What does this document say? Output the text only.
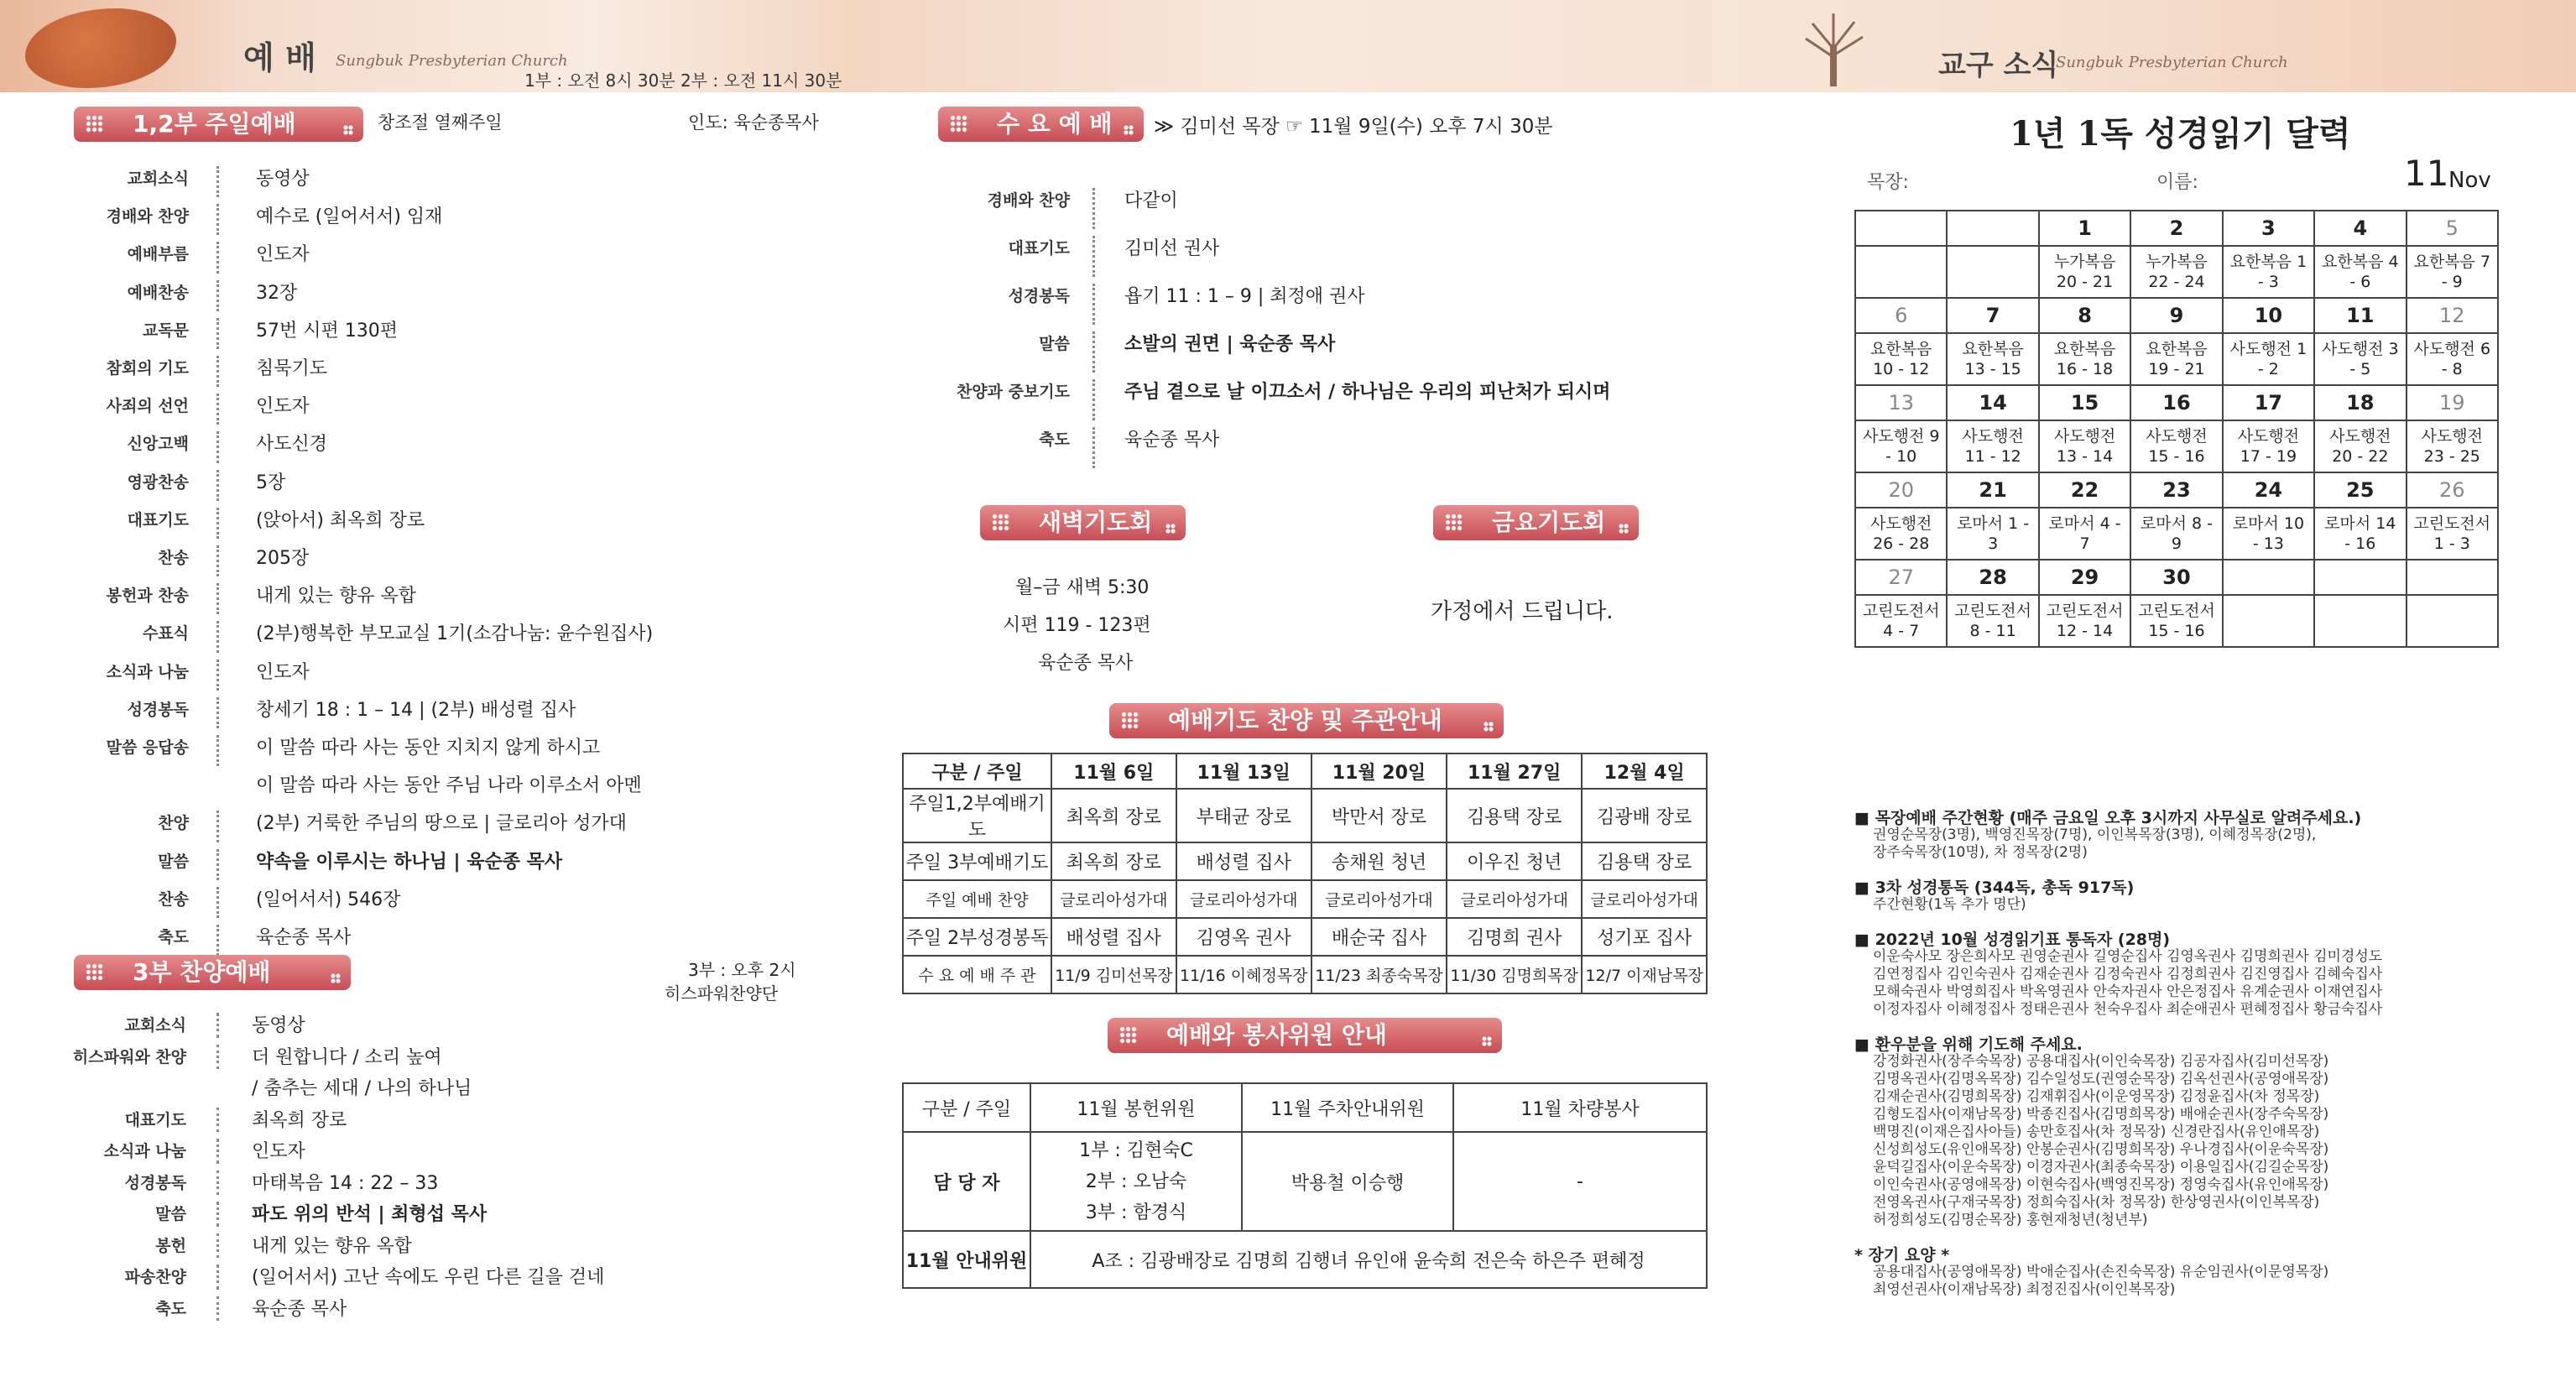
예 배 Sungbuk Presbyterian Church
1부 : 오전 8시 30분 2부 : 오전 11시 30분	교구 소식
Sungbuk Presbyterian Church
1,2부 주일예배	창조절 열째주일	인도: 육순종목사
교회소식	동영상
경배와 찬양	예수로 (일어서서) 임재
예배부름	인도자
예배찬송	32장
교독문	57번 시편 130편
참회의 기도	침묵기도
사죄의 선언	인도자
신앙고백	사도신경
영광찬송	5장
대표기도	(앉아서) 최옥희 장로
찬송	205장
봉헌과 찬송	내게 있는 향유 옥합
수표식	(2부)행복한 부모교실 1기(소감나눔: 윤수원집사)
소식과 나눔	인도자
성경봉독	창세기 18 : 1 – 14 | (2부) 배성렬 집사
말씀 응답송	이 말씀 따라 사는 동안 지치지 않게 하시고
이 말씀 따라 사는 동안 주님 나라 이루소서 아멘
찬양	(2부) 거룩한 주님의 땅으로 | 글로리아 성가대
말씀	약속을 이루시는 하나님 | 육순종 목사
찬송	(일어서서) 546장
축도	육순종 목사
3부 찬양예배	3부 : 오후 2시
히스파워찬양단
교회소식	동영상
히스파워와 찬양	더 원합니다 / 소리 높여
/ 춤추는 세대 / 나의 하나님
대표기도	최옥희 장로
소식과 나눔	인도자
성경봉독	마태복음 14 : 22 – 33
말씀	파도 위의 반석 | 최형섭 목사
봉헌	내게 있는 향유 옥합
파송찬양	(일어서서) 고난 속에도 우린 다른 길을 걷네
축도	육순종 목사
수 요 예 배	≫ 김미선 목장 ☞ 11월 9일(수) 오후 7시 30분
경배와 찬양	다같이
대표기도	김미선 권사
성경봉독	욥기 11 : 1 – 9 | 최정애 권사
말씀	소발의 권면 | 육순종 목사
찬양과 중보기도	주님 곁으로 날 이끄소서 / 하나님은 우리의 피난처가 되시며
축도	육순종 목사
새벽기도회
월–금 새벽 5:30
시편 119 - 123편
육순종 목사
금요기도회
가정에서 드립니다.
예배기도 찬양 및 주관안내
구분 / 주일	11월 6일	11월 13일	11월 20일	11월 27일	12월 4일
주일1,2부예배기도	최옥희 장로	부태균 장로	박만서 장로	김용택 장로	김광배 장로
주일 3부예배기도	최옥희 장로	배성렬 집사	송채원 청년	이우진 청년	김용택 장로
주일 예배 찬양	글로리아성가대	글로리아성가대	글로리아성가대	글로리아성가대	글로리아성가대
주일 2부성경봉독	배성렬 집사	김영옥 권사	배순국 집사	김명희 권사	성기포 집사
수 요 예 배 주 관	11/9 김미선목장	11/16 이혜정목장	11/23 최종숙목장	11/30 김명희목장	12/7 이재남목장
예배와 봉사위원 안내
구분 / 주일	11월 봉헌위원	11월 주차안내위원	11월 차량봉사
담 당 자	1부 : 김현숙C
2부 : 오남숙
3부 : 함경식	박용철 이승행	-
11월 안내위원	A조 : 김광배장로 김명희 김행녀 유인애 윤숙희 전은숙 하은주 편혜정		
1년 1독 성경읽기 달력
목장:	이름:	11 Nov
		1	2	3	4	5
		누가복음 20 - 21	누가복음 22 - 24	요한복음 1 - 3	요한복음 4 - 6	요한복음 7 - 9
6	7	8	9	10	11	12
요한복음 10 - 12	요한복음 13 - 15	요한복음 16 - 18	요한복음 19 - 21	사도행전 1 - 2	사도행전 3 - 5	사도행전 6 - 8
13	14	15	16	17	18	19
사도행전 9 - 10	사도행전 11 - 12	사도행전 13 - 14	사도행전 15 - 16	사도행전 17 - 19	사도행전 20 - 22	사도행전 23 - 25
20	21	22	23	24	25	26
사도행전 26 - 28	로마서 1 - 3	로마서 4 - 7	로마서 8 - 9	로마서 10 - 13	로마서 14 - 16	고린도전서 1 - 3
27	28	29	30			
고린도전서 4 - 7	고린도전서 8 - 11	고린도전서 12 - 14	고린도전서 15 - 16			
■ 목장예배 주간현황 (매주 금요일 오후 3시까지 사무실로 알려주세요.)
권영순목장(3명), 백영진목장(7명), 이인복목장(3명), 이혜정목장(2명),
장주숙목장(10명), 차 정목장(2명)
■ 3차 성경통독 (344독, 총독 917독)
주간현황(1독 추가 명단)
■ 2022년 10월 성경읽기표 통독자 (28명)
이운숙사모 장은희사모 권영순권사 길영순집사 김영옥권사 김명희권사 김미경성도
김연정집사 김인숙권사 김재순권사 김정숙권사 김정희권사 김진영집사 김혜숙집사
모해숙권사 박영희집사 박옥영권사 안숙자권사 안은정집사 유계순권사 이재연집사
이정자집사 이혜정집사 정태은권사 천숙우집사 최순애권사 편혜정집사 황금숙집사
■ 환우분을 위해 기도해 주세요.
강정화권사(장주숙목장) 공용대집사(이인숙목장) 김공자집사(김미선목장)
김명옥권사(김명옥목장) 김수일성도(권영순목장) 김옥선권사(공영애목장)
김재순권사(김명희목장) 김재휘집사(이운영목장) 김정윤집사(차 정목장)
김형도집사(이재남목장) 박종진집사(김명희목장) 배애순권사(장주숙목장)
백명진(이재은집사아들) 송만호집사(차 정목장) 신경란집사(유인애목장)
신성희성도(유인애목장) 안봉순권사(김명희목장) 우나경집사(이운숙목장)
윤덕길집사(이운숙목장) 이경자권사(최종숙목장) 이용일집사(김길순목장)
이인숙권사(공영애목장) 이현숙집사(백영진목장) 정영숙집사(유인애목장)
전영옥권사(구재국목장) 정희숙집사(차 정목장) 한상영권사(이인복목장)
허정희성도(김명순목장) 홍현재청년(청년부)
* 장기 요양 *
공용대집사(공영애목장) 박애순집사(손진숙목장) 유순임권사(이문영목장)
최영선권사(이재남목장) 최정진집사(이인복목장)
